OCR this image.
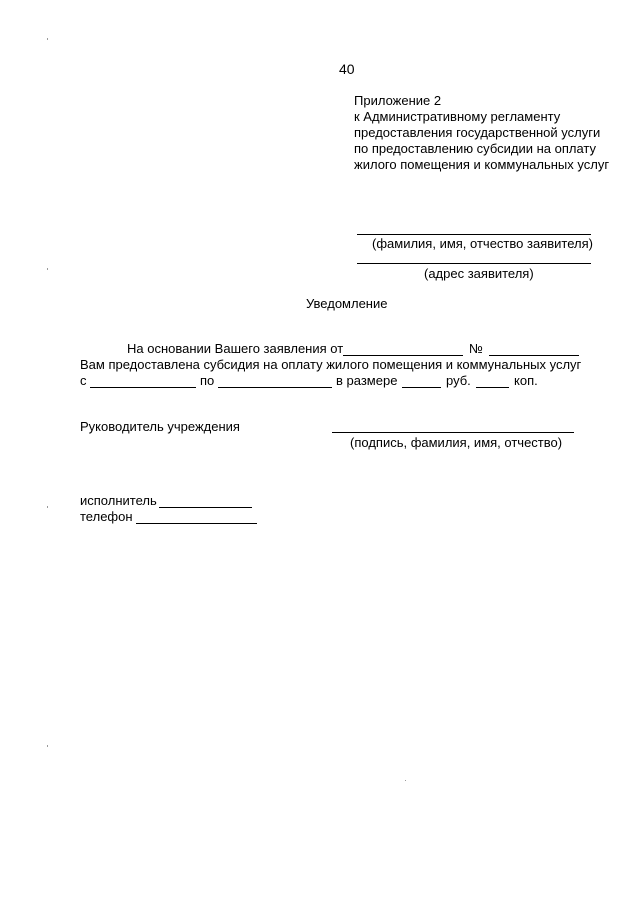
40
Приложение 2
к Административному регламенту
предоставления государственной услуги
по предоставлению субсидии на оплату
жилого помещения и коммунальных услуг
(фамилия, имя, отчество заявителя)
(адрес заявителя)
Уведомление
На основании Вашего заявления от	№
Вам предоставлена субсидия на оплату жилого помещения и коммунальных услуг
с	по	в размере	руб.	коп.
Руководитель учреждения
(подпись, фамилия, имя, отчество)
исполнитель
телефон
